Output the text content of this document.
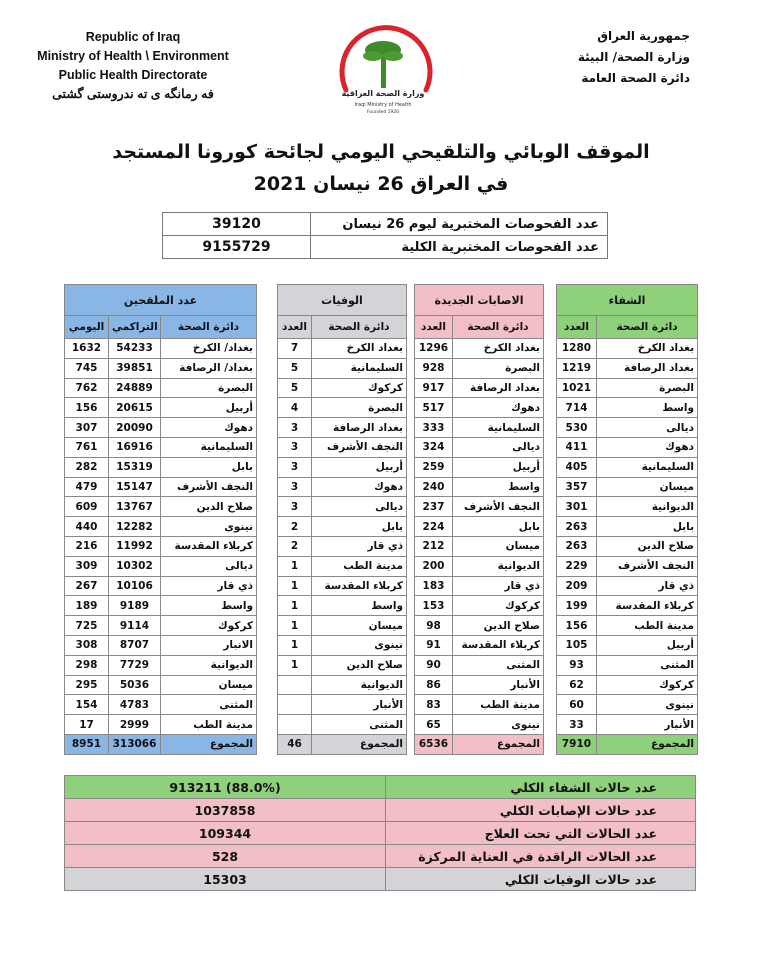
Republic of Iraq
Ministry of Health \ Environment
Public Health Directorate
فه رمانگه ى ته ندروستى گشتى	وزارة الصحة العراقية
Iraqi Ministry of Health
Founded 1920
جمهورية العراق
وزارة الصحة/ البيئة
دائرة الصحة العامة
الموقف الوبائي والتلقيحي اليومي لجائحة كورونا المستجد
في العراق 26 نيسان 2021
39120	عدد الفحوصات المختبرية ليوم 26 نيسان
9155729	عدد الفحوصات المختبرية الكلية
عدد الملقحين		
اليومي	التراكمي	دائرة الصحة
1632	54233	بغداد/ الكرخ
745	39851	بغداد/ الرصافة
762	24889	البصرة
156	20615	أربيل
307	20090	دهوك
761	16916	السليمانية
282	15319	بابل
479	15147	النجف الأشرف
609	13767	صلاح الدين
440	12282	نينوى
216	11992	كربلاء المقدسة
309	10302	ديالى
267	10106	ذي قار
189	9189	واسط
725	9114	كركوك
308	8707	الانبار
298	7729	الديوانية
295	5036	ميسان
154	4783	المثنى
17	2999	مدينة الطب
8951	313066	المجموع
الوفيات	
العدد	دائرة الصحة
7	بغداد الكرخ
5	السليمانية
5	كركوك
4	البصرة
3	بغداد الرصافة
3	النجف الأشرف
3	أربيل
3	دهوك
3	ديالى
2	بابل
2	ذي قار
1	مدينة الطب
1	كربلاء المقدسة
1	واسط
1	ميسان
1	نينوى
1	صلاح الدين
	الديوانية
	الأنبار
	المثنى
46	المجموع
الاصابات الجديدة	
العدد	دائرة الصحة
1296	بغداد الكرخ
928	البصرة
917	بغداد الرصافة
517	دهوك
333	السليمانية
324	ديالى
259	أربيل
240	واسط
237	النجف الأشرف
224	بابل
212	ميسان
200	الديوانية
183	ذي قار
153	كركوك
98	صلاح الدين
91	كربلاء المقدسة
90	المثنى
86	الأنبار
83	مدينة الطب
65	نينوى
6536	المجموع
الشفاء	
العدد	دائرة الصحة
1280	بغداد الكرخ
1219	بغداد الرصافة
1021	البصرة
714	واسط
530	ديالى
411	دهوك
405	السليمانية
357	ميسان
301	الديوانية
263	بابل
263	صلاح الدين
229	النجف الأشرف
209	ذي قار
199	كربلاء المقدسة
156	مدينة الطب
105	أربيل
93	المثنى
62	كركوك
60	نينوى
33	الأنبار
7910	المجموع
913211 (88.0%)	عدد حالات الشفاء الكلي
1037858	عدد حالات الإصابات الكلي
109344	عدد الحالات التي تحت العلاج
528	عدد الحالات الراقدة في العناية المركزة
15303	عدد حالات الوفيات الكلي
